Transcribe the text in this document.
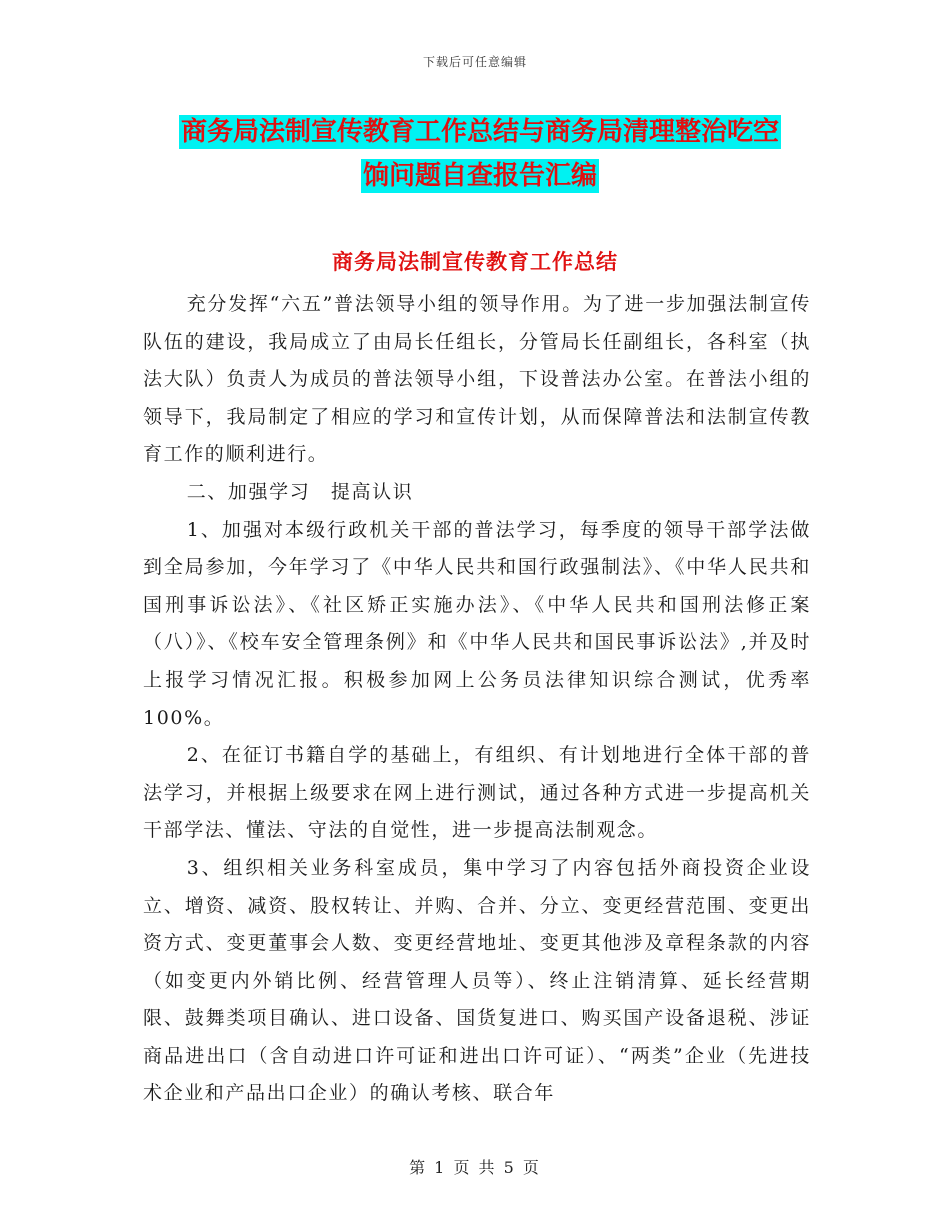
下载后可任意编辑
商务局法制宣传教育工作总结与商务局清理整治吃空
饷问题自查报告汇编
商务局法制宣传教育工作总结

充分发挥“六五”普法领导小组的领导作用。为了进一步加强法制宣传队伍的建设，我局成立了由局长任组长，分管局长任副组长，各科室（执法大队）负责人为成员的普法领导小组，下设普法办公室。在普法小组的领导下，我局制定了相应的学习和宣传计划，从而保障普法和法制宣传教育工作的顺利进行。

二、加强学习　提高认识

1、加强对本级行政机关干部的普法学习，每季度的领导干部学法做到全局参加，今年学习了《中华人民共和国行政强制法》、《中华人民共和国刑事诉讼法》、《社区矫正实施办法》、《中华人民共和国刑法修正案（八）》、《校车安全管理条例》和《中华人民共和国民事诉讼法》,并及时上报学习情况汇报。积极参加网上公务员法律知识综合测试，优秀率100%。

2、在征订书籍自学的基础上，有组织、有计划地进行全体干部的普法学习，并根据上级要求在网上进行测试，通过各种方式进一步提高机关干部学法、懂法、守法的自觉性，进一步提高法制观念。

3、组织相关业务科室成员，集中学习了内容包括外商投资企业设立、增资、减资、股权转让、并购、合并、分立、变更经营范围、变更出资方式、变更董事会人数、变更经营地址、变更其他涉及章程条款的内容（如变更内外销比例、经营管理人员等）、终止注销清算、延长经营期限、鼓舞类项目确认、进口设备、国货复进口、购买国产设备退税、涉证商品进出口（含自动进口许可证和进出口许可证）、“两类”企业（先进技术企业和产品出口企业）的确认考核、联合年

第 1 页 共 5 页
